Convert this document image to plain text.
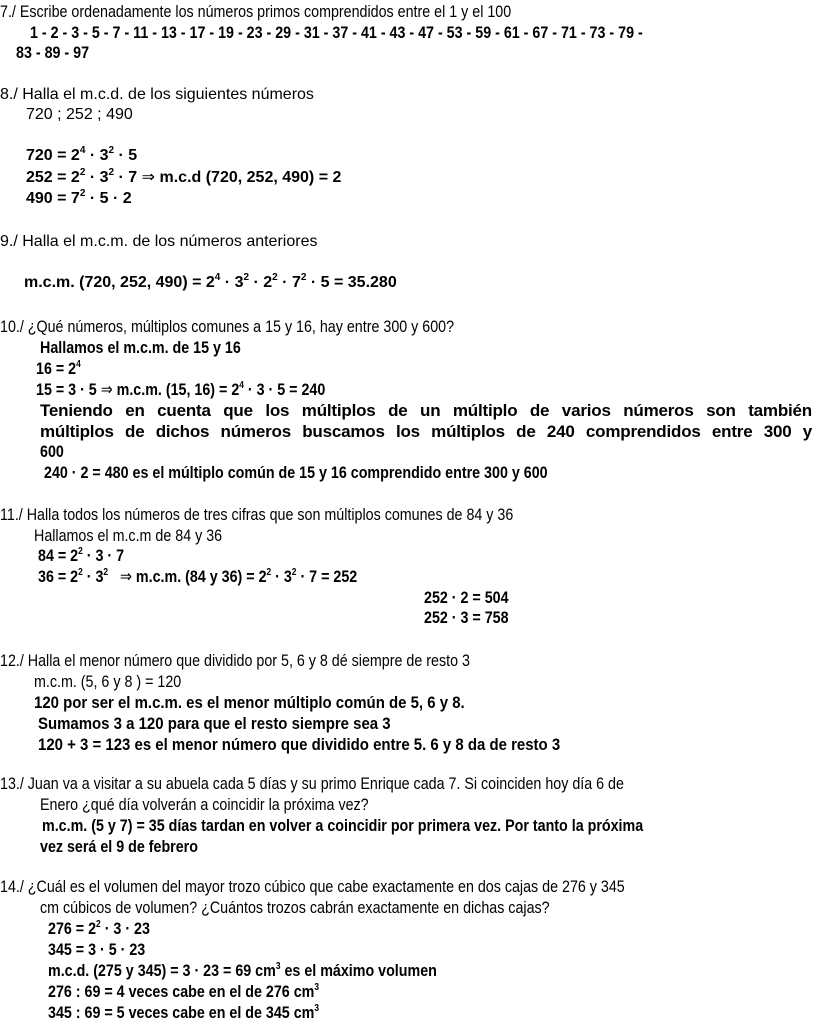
7./ Escribe ordenadamente los números primos comprendidos entre el 1 y el 100
1 - 2 - 3 - 5 - 7 - 11 - 13 - 17 - 19 - 23 - 29 - 31 - 37 - 41 - 43 - 47 - 53 - 59 - 61 - 67 - 71 - 73 - 79 -
83 - 89 - 97
8./ Halla el m.c.d. de los siguientes números
720 ; 252 ; 490
$720 = 2^4 \cdot 3^2 \cdot 5$
$252 = 2^2 \cdot 3^2 \cdot 7$ ⇒ m.c.d (720, 252, 490) = 2
$490 = 7^2 \cdot 5 \cdot 2$
9./ Halla el m.c.m. de los números anteriores
m.c.m. (720, 252, $490) = 2^4 \cdot 3^2 \cdot 2^2 \cdot 7^2 \cdot 5 = 35.280$
10./ ¿Qué números, múltiplos comunes a 15 y 16, hay entre 300 y 600?
Hallamos el m.c.m. de 15 y 16
$16 = 2^4$
15 = 3 · 5 ⇒ m.c.m. (15, $16) = 2^4 \cdot 3 \cdot 5 = 240$
Teniendo en cuenta que los múltiplos de un múltiplo de varios números son también
múltiplos de dichos números buscamos los múltiplos de 240 comprendidos entre 300 y
600
240 · 2 = 480 es el múltiplo común de 15 y 16 comprendido entre 300 y 600
11./ Halla todos los números de tres cifras que son múltiplos comunes de 84 y 36
Hallamos el m.c.m de 84 y 36
$84 = 2^2 \cdot 3 \cdot 7$
$36 = 2^2 \cdot 3^2$ ⇒ m.c.m. (84 y $36) = 2^2 \cdot 3^2 \cdot 7 = 252$
252 · 2 = 504
252 · 3 = 758
12./ Halla el menor número que dividido por 5, 6 y 8 dé siempre de resto 3
m.c.m. (5, 6 y 8 ) = 120
120 por ser el m.c.m. es el menor múltiplo común de 5, 6 y 8.
Sumamos 3 a 120 para que el resto siempre sea 3
120 + 3 = 123 es el menor número que dividido entre 5. 6 y 8 da de resto 3
13./ Juan va a visitar a su abuela cada 5 días y su primo Enrique cada 7. Si coinciden hoy día 6 de
Enero ¿qué día volverán a coincidir la próxima vez?
m.c.m. (5 y 7) = 35 días tardan en volver a coincidir por primera vez. Por tanto la próxima
vez será el 9 de febrero
14./ ¿Cuál es el volumen del mayor trozo cúbico que cabe exactamente en dos cajas de 276 y 345
cm cúbicos de volumen? ¿Cuántos trozos cabrán exactamente en dichas cajas?
$276 = 2^2 \cdot 3 \cdot 23$
345 = 3 · 5 · 23
m.c.d. (275 y 345) = 3 · 23 = 69 $cm^3$ es el máximo volumen
276 : 69 = 4 veces cabe en el de 276 $cm^3$
345 : 69 = 5 veces cabe en el de 345 $cm^3$
